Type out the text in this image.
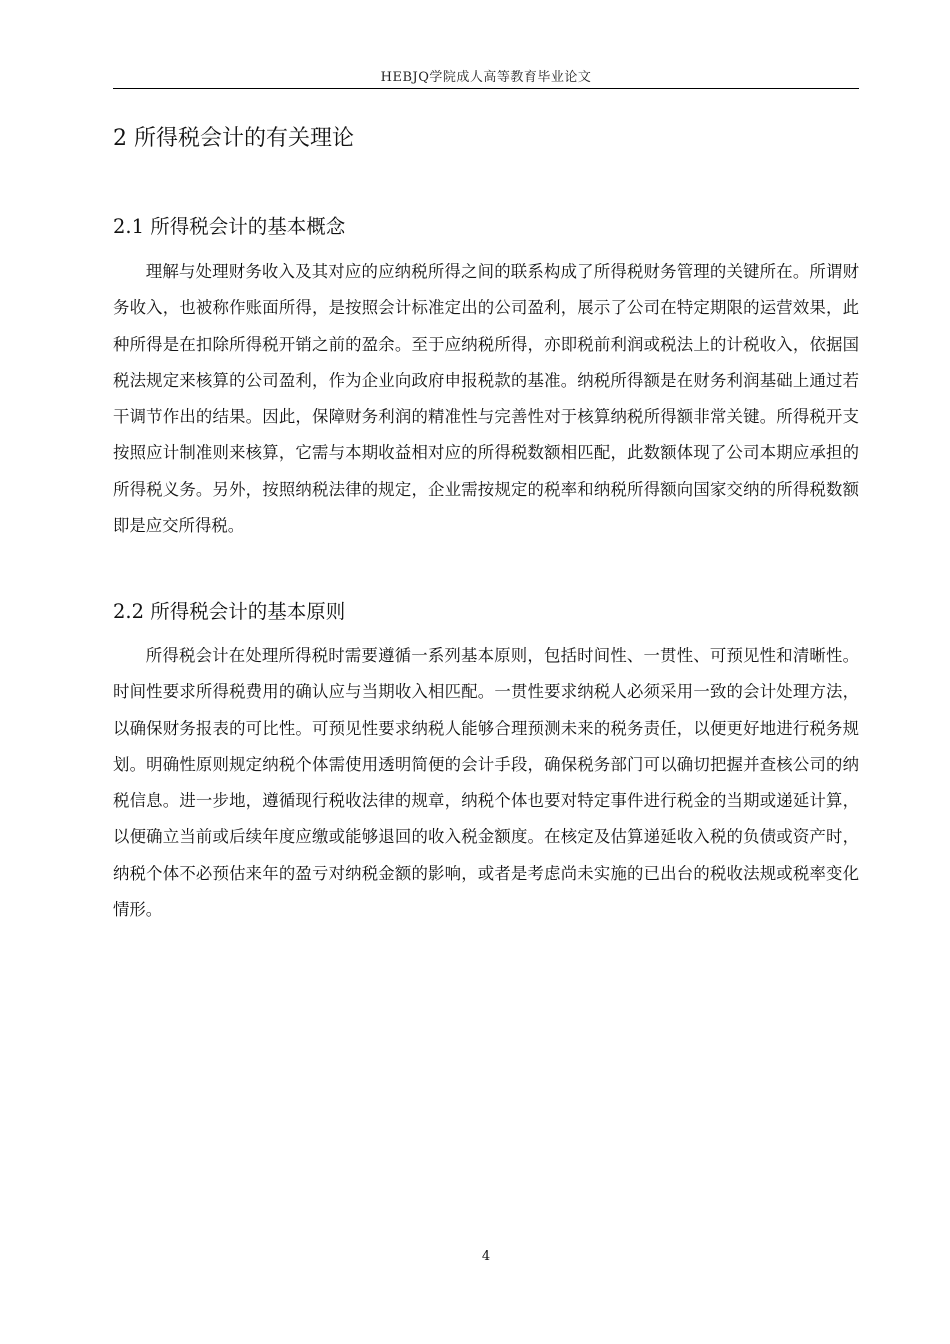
HEBJQ学院成人高等教育毕业论文
2 所得税会计的有关理论
2.1 所得税会计的基本概念

理解与处理财务收入及其对应的应纳税所得之间的联系构成了所得税财务管理的关键所在。所谓财务收入，也被称作账面所得，是按照会计标准定出的公司盈利，展示了公司在特定期限的运营效果，此种所得是在扣除所得税开销之前的盈余。至于应纳税所得，亦即税前利润或税法上的计税收入，依据国税法规定来核算的公司盈利，作为企业向政府申报税款的基准。纳税所得额是在财务利润基础上通过若干调节作出的结果。因此，保障财务利润的精准性与完善性对于核算纳税所得额非常关键。所得税开支按照应计制准则来核算，它需与本期收益相对应的所得税数额相匹配，此数额体现了公司本期应承担的所得税义务。另外，按照纳税法律的规定，企业需按规定的税率和纳税所得额向国家交纳的所得税数额即是应交所得税。

2.2 所得税会计的基本原则

所得税会计在处理所得税时需要遵循一系列基本原则，包括时间性、一贯性、可预见性和清晰性。时间性要求所得税费用的确认应与当期收入相匹配。一贯性要求纳税人必须采用一致的会计处理方法，以确保财务报表的可比性。可预见性要求纳税人能够合理预测未来的税务责任，以便更好地进行税务规划。明确性原则规定纳税个体需使用透明简便的会计手段，确保税务部门可以确切把握并查核公司的纳税信息。进一步地，遵循现行税收法律的规章，纳税个体也要对特定事件进行税金的当期或递延计算，以便确立当前或后续年度应缴或能够退回的收入税金额度。在核定及估算递延收入税的负债或资产时，纳税个体不必预估来年的盈亏对纳税金额的影响，或者是考虑尚未实施的已出台的税收法规或税率变化情形。

4
